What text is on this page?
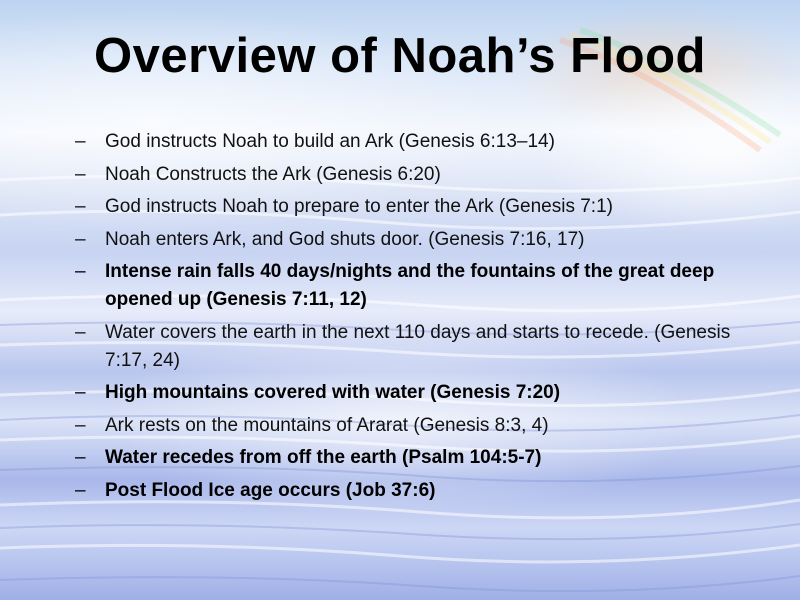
Overview of Noah’s Flood
– God instructs Noah to build an Ark (Genesis 6:13–14)
– Noah Constructs the Ark (Genesis 6:20)
– God instructs Noah to prepare to enter the Ark (Genesis 7:1)
– Noah enters Ark, and God shuts door. (Genesis 7:16, 17)
– Intense rain falls 40 days/nights and the fountains of the great deep opened up (Genesis 7:11, 12)
– Water covers the earth in the next 110 days and starts to recede. (Genesis 7:17, 24)
– High mountains covered with water (Genesis 7:20)
– Ark rests on the mountains of Ararat (Genesis 8:3, 4)
– Water recedes from off the earth (Psalm 104:5-7)
– Post Flood Ice age occurs (Job 37:6)
